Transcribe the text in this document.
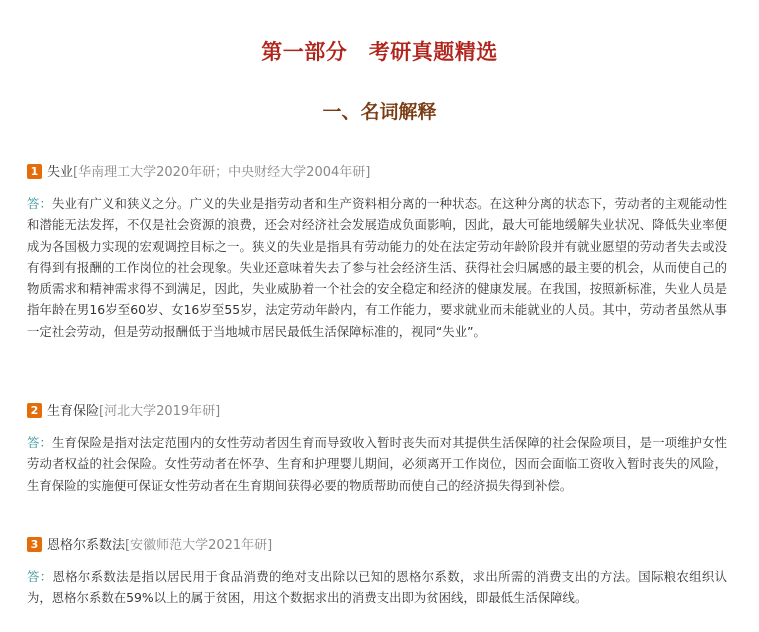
第一部分　考研真题精选
一、名词解释
1 失业[华南理工大学2020年研；中央财经大学2004年研]
答：失业有广义和狭义之分。广义的失业是指劳动者和生产资料相分离的一种状态。在这种分离的状态下，劳动者的主观能动性和潜能无法发挥，不仅是社会资源的浪费，还会对经济社会发展造成负面影响，因此，最大可能地缓解失业状况、降低失业率便成为各国极力实现的宏观调控目标之一。狭义的失业是指具有劳动能力的处在法定劳动年龄阶段并有就业愿望的劳动者失去或没有得到有报酬的工作岗位的社会现象。失业还意味着失去了参与社会经济生活、获得社会归属感的最主要的机会，从而使自己的物质需求和精神需求得不到满足，因此，失业威胁着一个社会的安全稳定和经济的健康发展。在我国，按照新标准，失业人员是指年龄在男16岁至60岁、女16岁至55岁，法定劳动年龄内，有工作能力，要求就业而未能就业的人员。其中，劳动者虽然从事一定社会劳动，但是劳动报酬低于当地城市居民最低生活保障标准的，视同“失业”。
2 生育保险[河北大学2019年研]
答：生育保险是指对法定范围内的女性劳动者因生育而导致收入暂时丧失而对其提供生活保障的社会保险项目，是一项维护女性劳动者权益的社会保险。女性劳动者在怀孕、生育和护理婴儿期间，必须离开工作岗位，因而会面临工资收入暂时丧失的风险，生育保险的实施便可保证女性劳动者在生育期间获得必要的物质帮助而使自己的经济损失得到补偿。
3 恩格尔系数法[安徽师范大学2021年研]
答：恩格尔系数法是指以居民用于食品消费的绝对支出除以已知的恩格尔系数，求出所需的消费支出的方法。国际粮农组织认为，恩格尔系数在59%以上的属于贫困，用这个数据求出的消费支出即为贫困线，即最低生活保障线。
